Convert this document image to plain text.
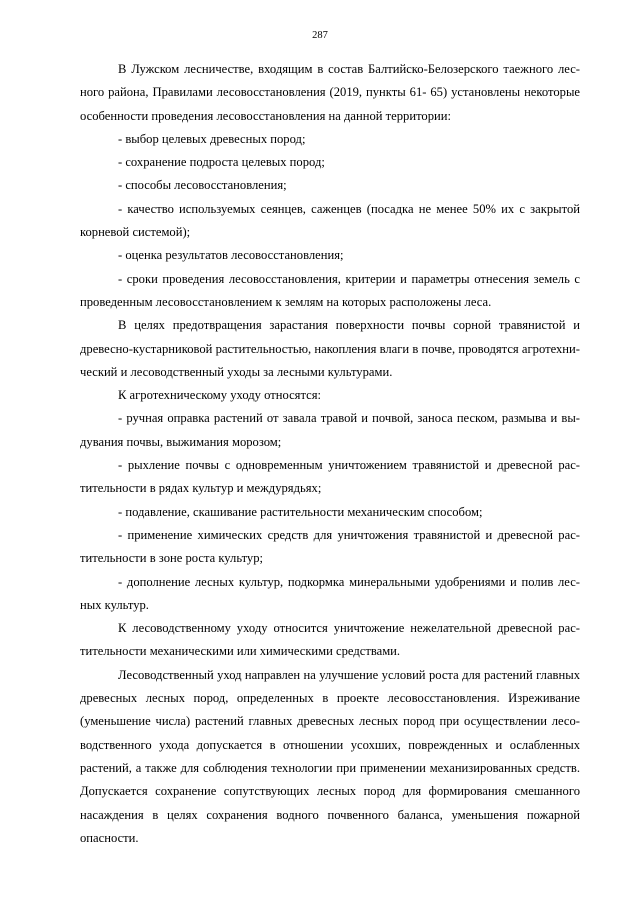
287

В Лужском лесничестве, входящим в состав Балтийско-Белозерского таежного лесного района, Правилами лесовосстановления (2019, пункты 61- 65) установлены некоторые особенности проведения лесовосстановления на данной территории:

- выбор целевых древесных пород;

- сохранение подроста целевых пород;

- способы лесовосстановления;

- качество используемых сеянцев, саженцев (посадка не менее 50% их с закрытой корневой системой);

- оценка результатов лесовосстановления;

- сроки проведения лесовосстановления, критерии и параметры отнесения земель с проведенным лесовосстановлением к землям на которых расположены леса.

В целях предотвращения зарастания поверхности почвы сорной травянистой и древесно-кустарниковой растительностью, накопления влаги в почве, проводятся агротехнический и лесоводственный уходы за лесными культурами.

К агротехническому уходу относятся:

- ручная оправка растений от завала травой и почвой, заноса песком, размыва и выдувания почвы, выжимания морозом;

- рыхление почвы с одновременным уничтожением травянистой и древесной растительности в рядах культур и междурядьях;

- подавление, скашивание растительности механическим способом;

- применение химических средств для уничтожения травянистой и древесной растительности в зоне роста культур;

- дополнение лесных культур, подкормка минеральными удобрениями и полив лесных культур.

К лесоводственному уходу относится уничтожение нежелательной древесной растительности механическими или химическими средствами.

Лесоводственный уход направлен на улучшение условий роста для растений главных древесных лесных пород, определенных в проекте лесовосстановления. Изреживание (уменьшение числа) растений главных древесных лесных пород при осуществлении лесоводственного ухода допускается в отношении усохших, поврежденных и ослабленных растений, а также для соблюдения технологии при применении механизированных средств. Допускается сохранение сопутствующих лесных пород для формирования смешанного насаждения в целях сохранения водного почвенного баланса, уменьшения пожарной опасности.
